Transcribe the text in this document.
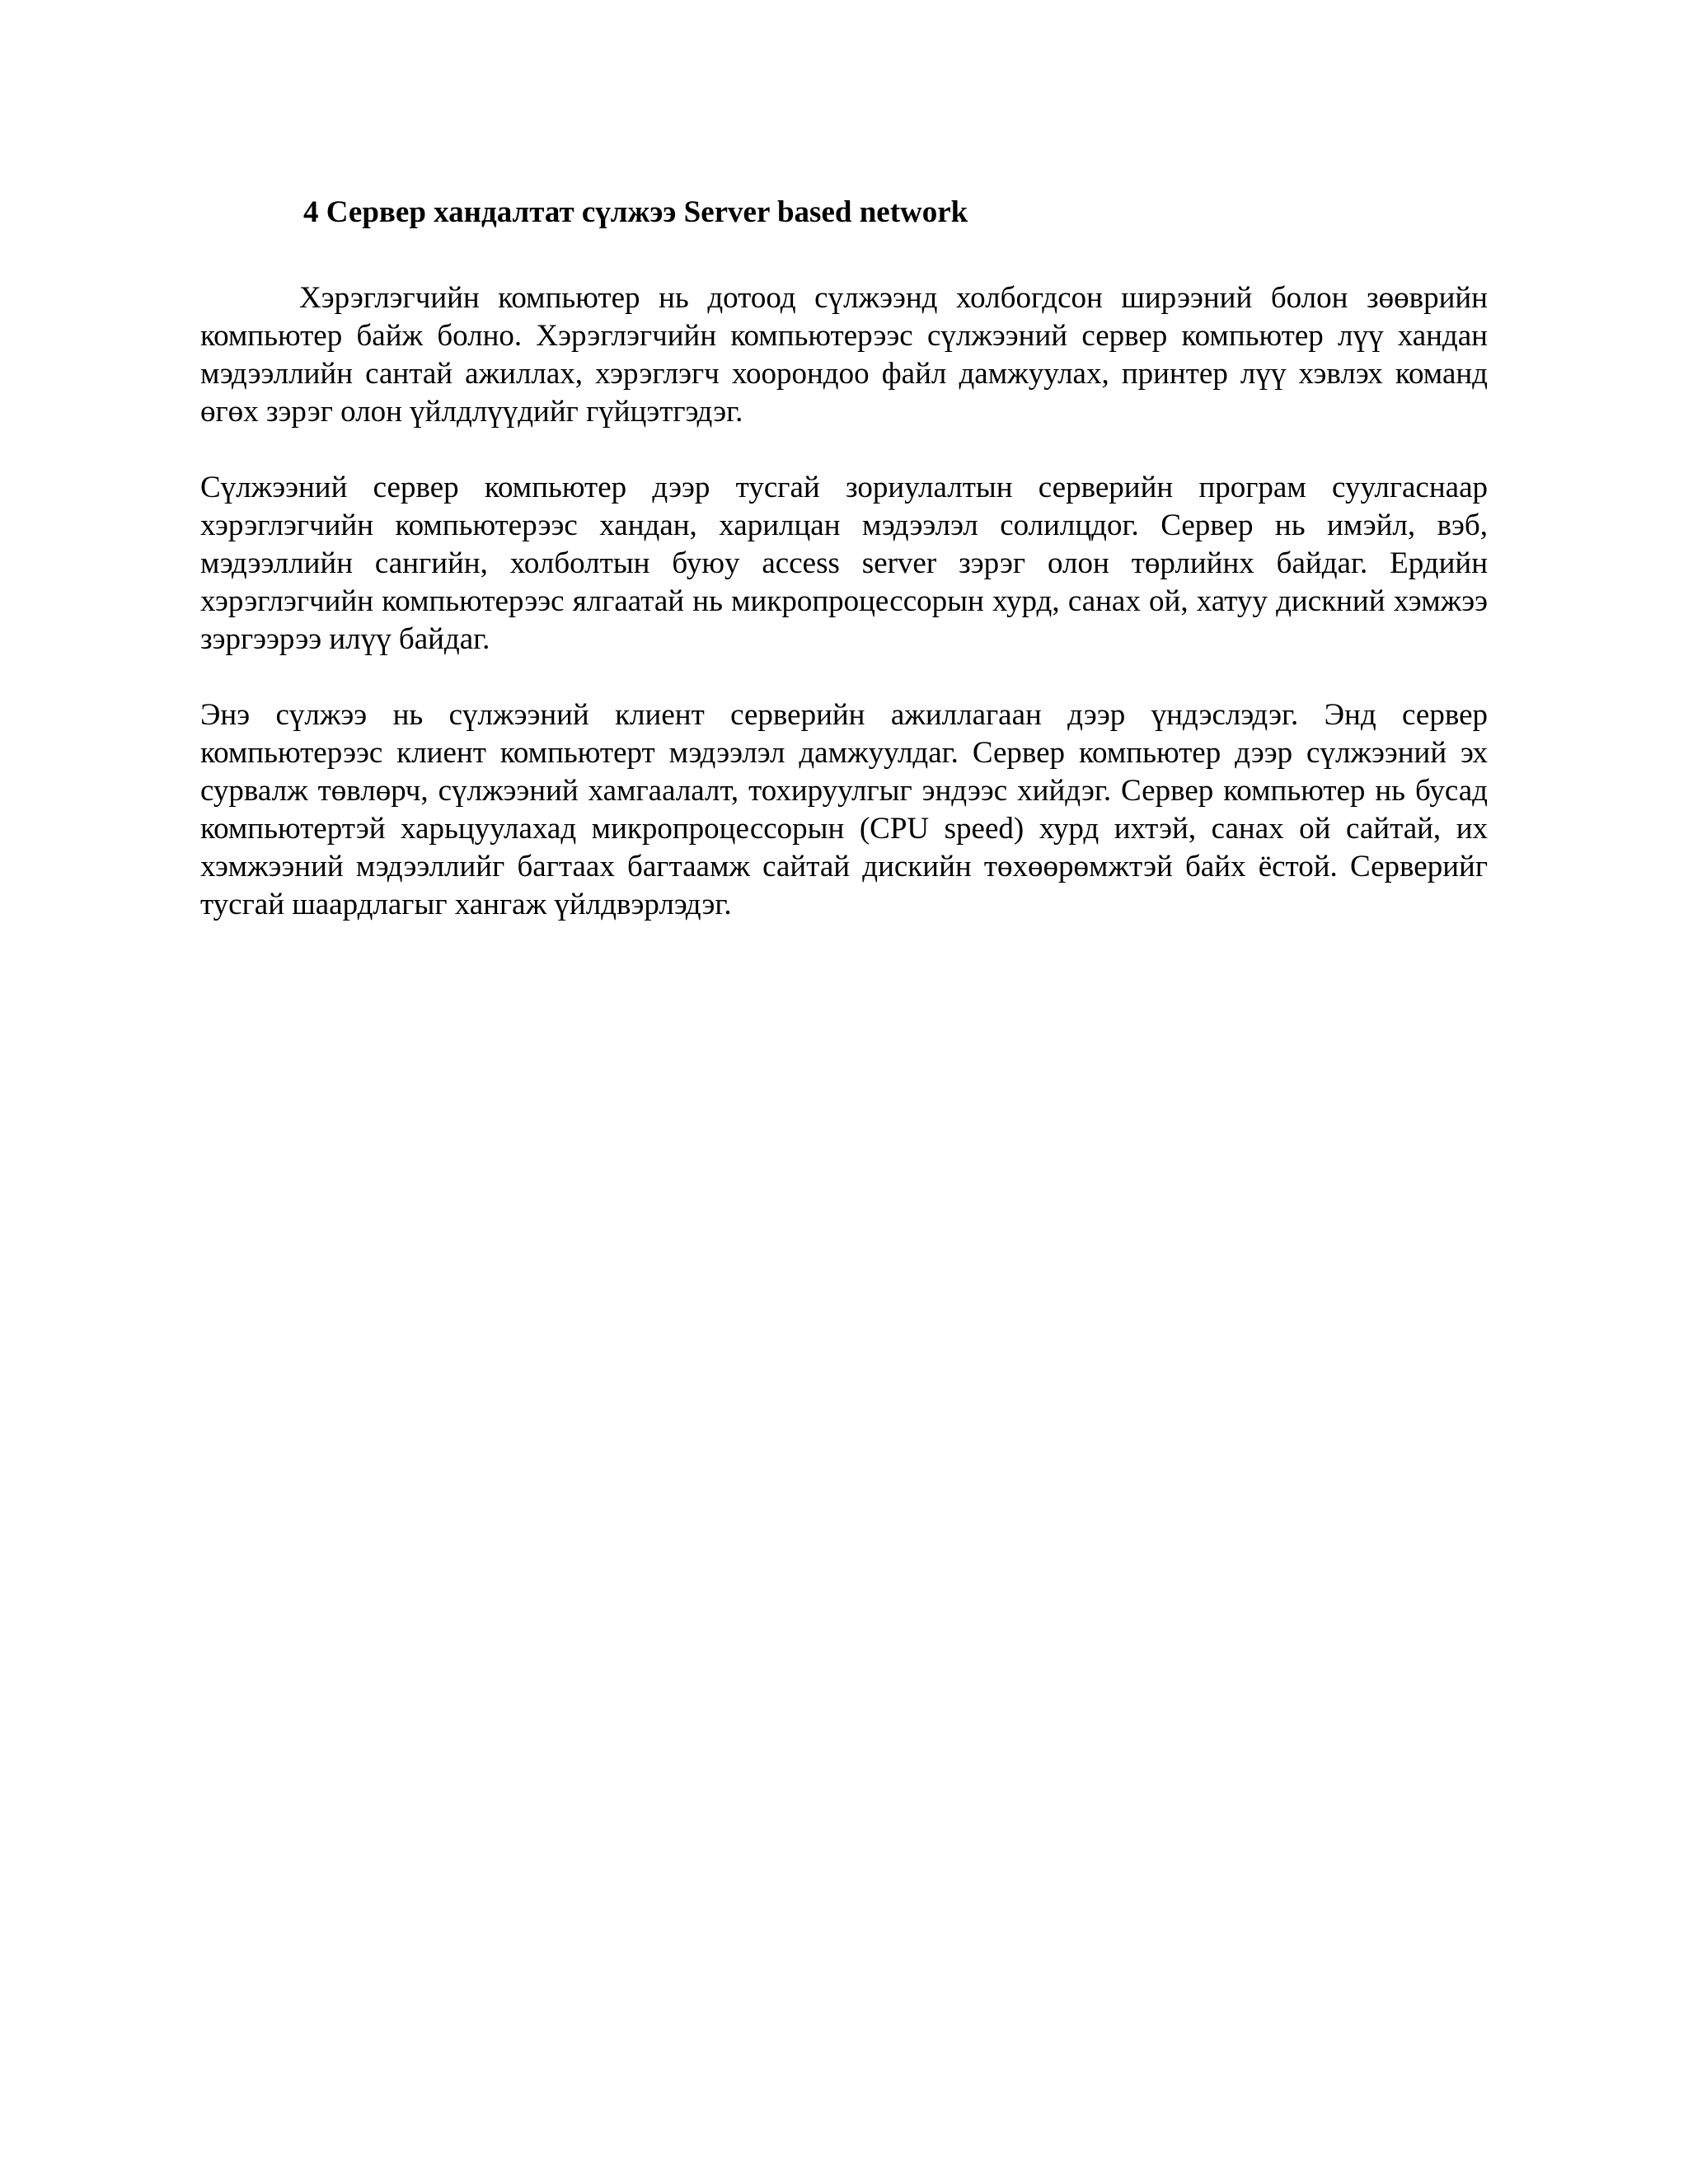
4 Сервер хандалтат сүлжээ Server based network

Хэрэглэгчийн компьютер нь дотоод сүлжээнд холбогдсон ширээний болон зөөврийн компьютер байж болно. Хэрэглэгчийн компьютерээс сүлжээний сервер компьютер лүү хандан мэдээллийн сантай ажиллах, хэрэглэгч хоорондоо файл дамжуулах, принтер лүү хэвлэх команд өгөх зэрэг олон үйлдлүүдийг гүйцэтгэдэг.

Сүлжээний сервер компьютер дээр тусгай зориулалтын серверийн програм суулгаснаар хэрэглэгчийн компьютерээс хандан, харилцан мэдээлэл солилцдог. Сервер нь имэйл, вэб, мэдээллийн сангийн, холболтын буюу access server зэрэг олон төрлийнх байдаг. Ердийн хэрэглэгчийн компьютерээс ялгаатай нь микропроцессорын хурд, санах ой, хатуу дискний хэмжээ зэргээрээ илүү байдаг.

Энэ сүлжээ нь сүлжээний клиент серверийн ажиллагаан дээр үндэслэдэг. Энд сервер компьютерээс клиент компьютерт мэдээлэл дамжуулдаг. Сервер компьютер дээр сүлжээний эх сурвалж төвлөрч, сүлжээний хамгаалалт, тохируулгыг эндээс хийдэг. Сервер компьютер нь бусад компьютертэй харьцуулахад микропроцессорын (CPU speed) хурд ихтэй, санах ой сайтай, их хэмжээний мэдээллийг багтаах багтаамж сайтай дискийн төхөөрөмжтэй байх ёстой. Серверийг тусгай шаардлагыг хангаж үйлдвэрлэдэг.
